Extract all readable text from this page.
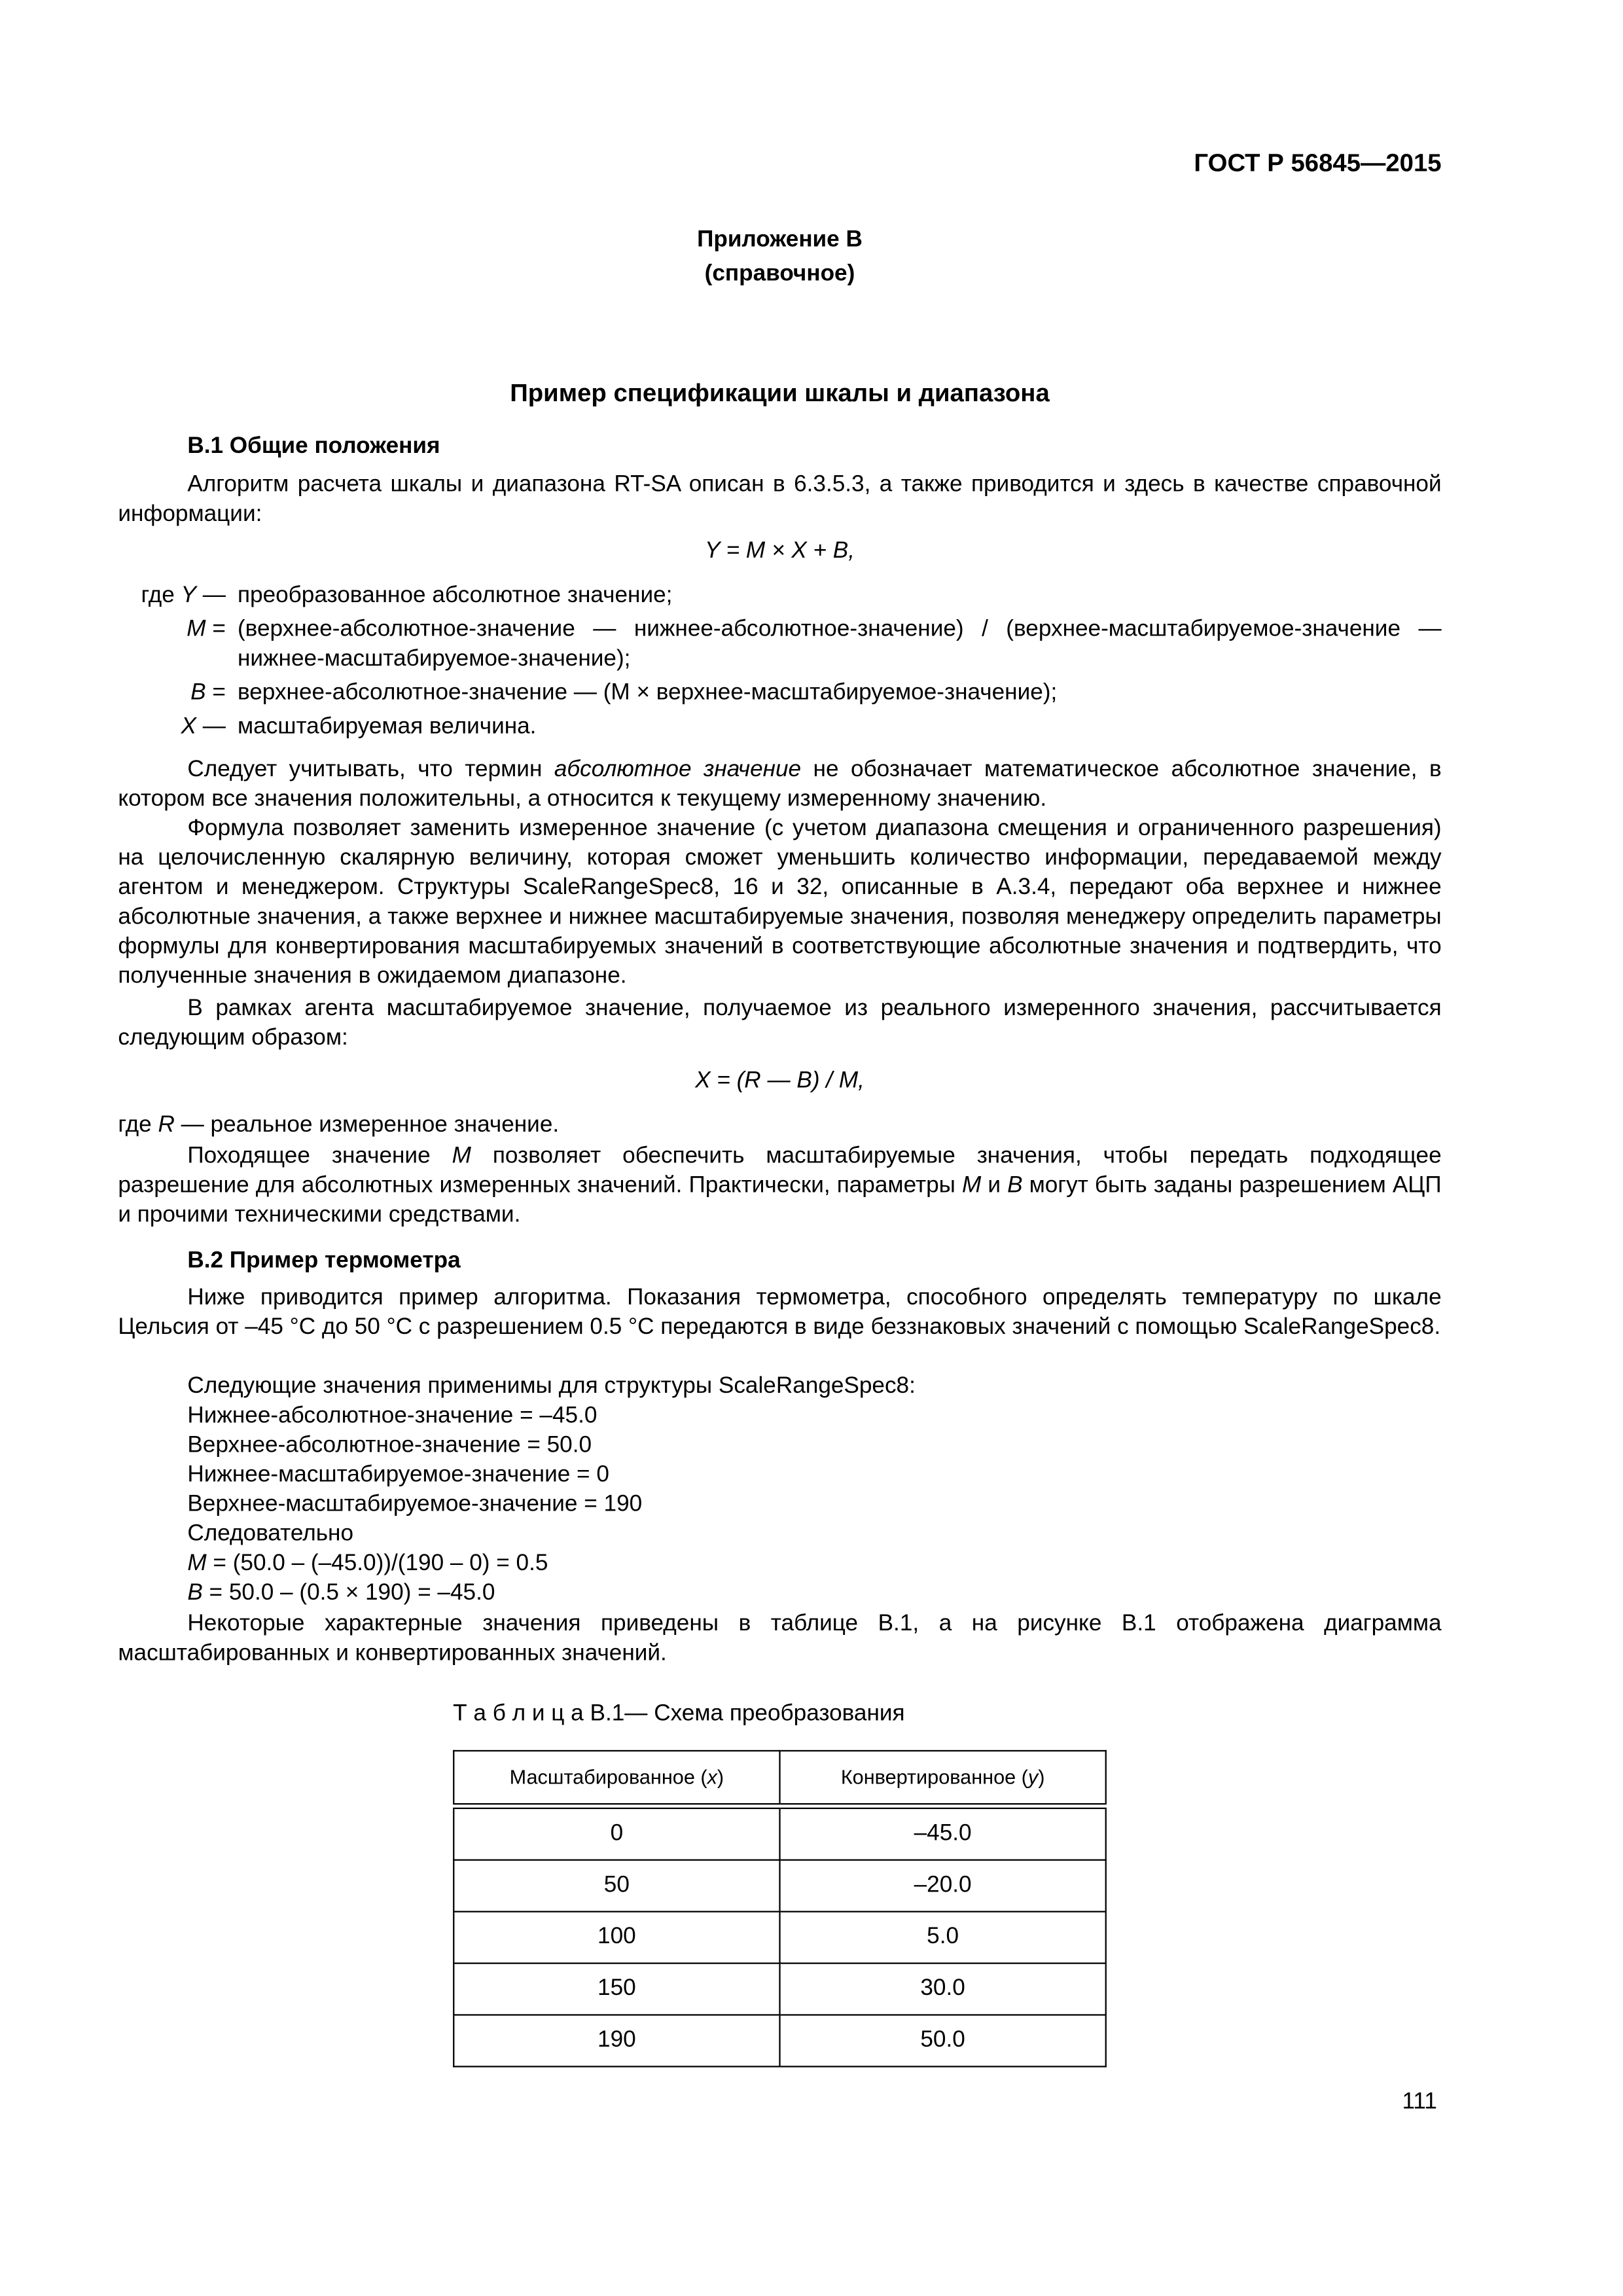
ГОСТ Р 56845—2015
Приложение В
(справочное)
Пример спецификации шкалы и диапазона
В.1 Общие положения
Алгоритм расчета шкалы и диапазона RT-SA описан в 6.3.5.3, а также приводится и здесь в качестве справочной информации:
Y = M × X + B,
где Y —	преобразованное абсолютное значение;
M =	(верхнее-абсолютное-значение — нижнее-абсолютное-значение) / (верхнее-масштабируемое-значение — нижнее-масштабируемое-значение);
B =	верхнее-абсолютное-значение — (M × верхнее-масштабируемое-значение);
X —	масштабируемая величина.
Следует учитывать, что термин абсолютное значение не обозначает математическое абсолютное значение, в котором все значения положительны, а относится к текущему измеренному значению.
Формула позволяет заменить измеренное значение (с учетом диапазона смещения и ограниченного разрешения) на целочисленную скалярную величину, которая сможет уменьшить количество информации, передаваемой между агентом и менеджером. Структуры ScaleRangeSpec8, 16 и 32, описанные в А.3.4, передают оба верхнее и нижнее абсолютные значения, а также верхнее и нижнее масштабируемые значения, позволяя менеджеру определить параметры формулы для конвертирования масштабируемых значений в соответствующие абсолютные значения и подтвердить, что полученные значения в ожидаемом диапазоне.
В рамках агента масштабируемое значение, получаемое из реального измеренного значения, рассчитывается следующим образом:
X = (R — B) / M,
где R — реальное измеренное значение.
Походящее значение M позволяет обеспечить масштабируемые значения, чтобы передать подходящее разрешение для абсолютных измеренных значений. Практически, параметры M и B могут быть заданы разрешением АЦП и прочими техническими средствами.
В.2 Пример термометра
Ниже приводится пример алгоритма. Показания термометра, способного определять температуру по шкале Цельсия от –45 °С до 50 °С с разрешением 0.5 °С передаются в виде беззнаковых значений с помощью ScaleRangeSpec8.
Следующие значения применимы для структуры ScaleRangeSpec8:
Нижнее-абсолютное-значение = –45.0
Верхнее-абсолютное-значение = 50.0
Нижнее-масштабируемое-значение = 0
Верхнее-масштабируемое-значение = 190
Следовательно
M = (50.0 – (–45.0))/(190 – 0) = 0.5
B = 50.0 – (0.5 × 190) = –45.0
Некоторые характерные значения приведены в таблице В.1, а на рисунке В.1 отображена диаграмма масштабированных и конвертированных значений.
Т а б л и ц а В.1— Схема преобразования
Масштабированное (x)	Конвертированное (y)
0	–45.0
50	–20.0
100	5.0
150	30.0
190	50.0
111
